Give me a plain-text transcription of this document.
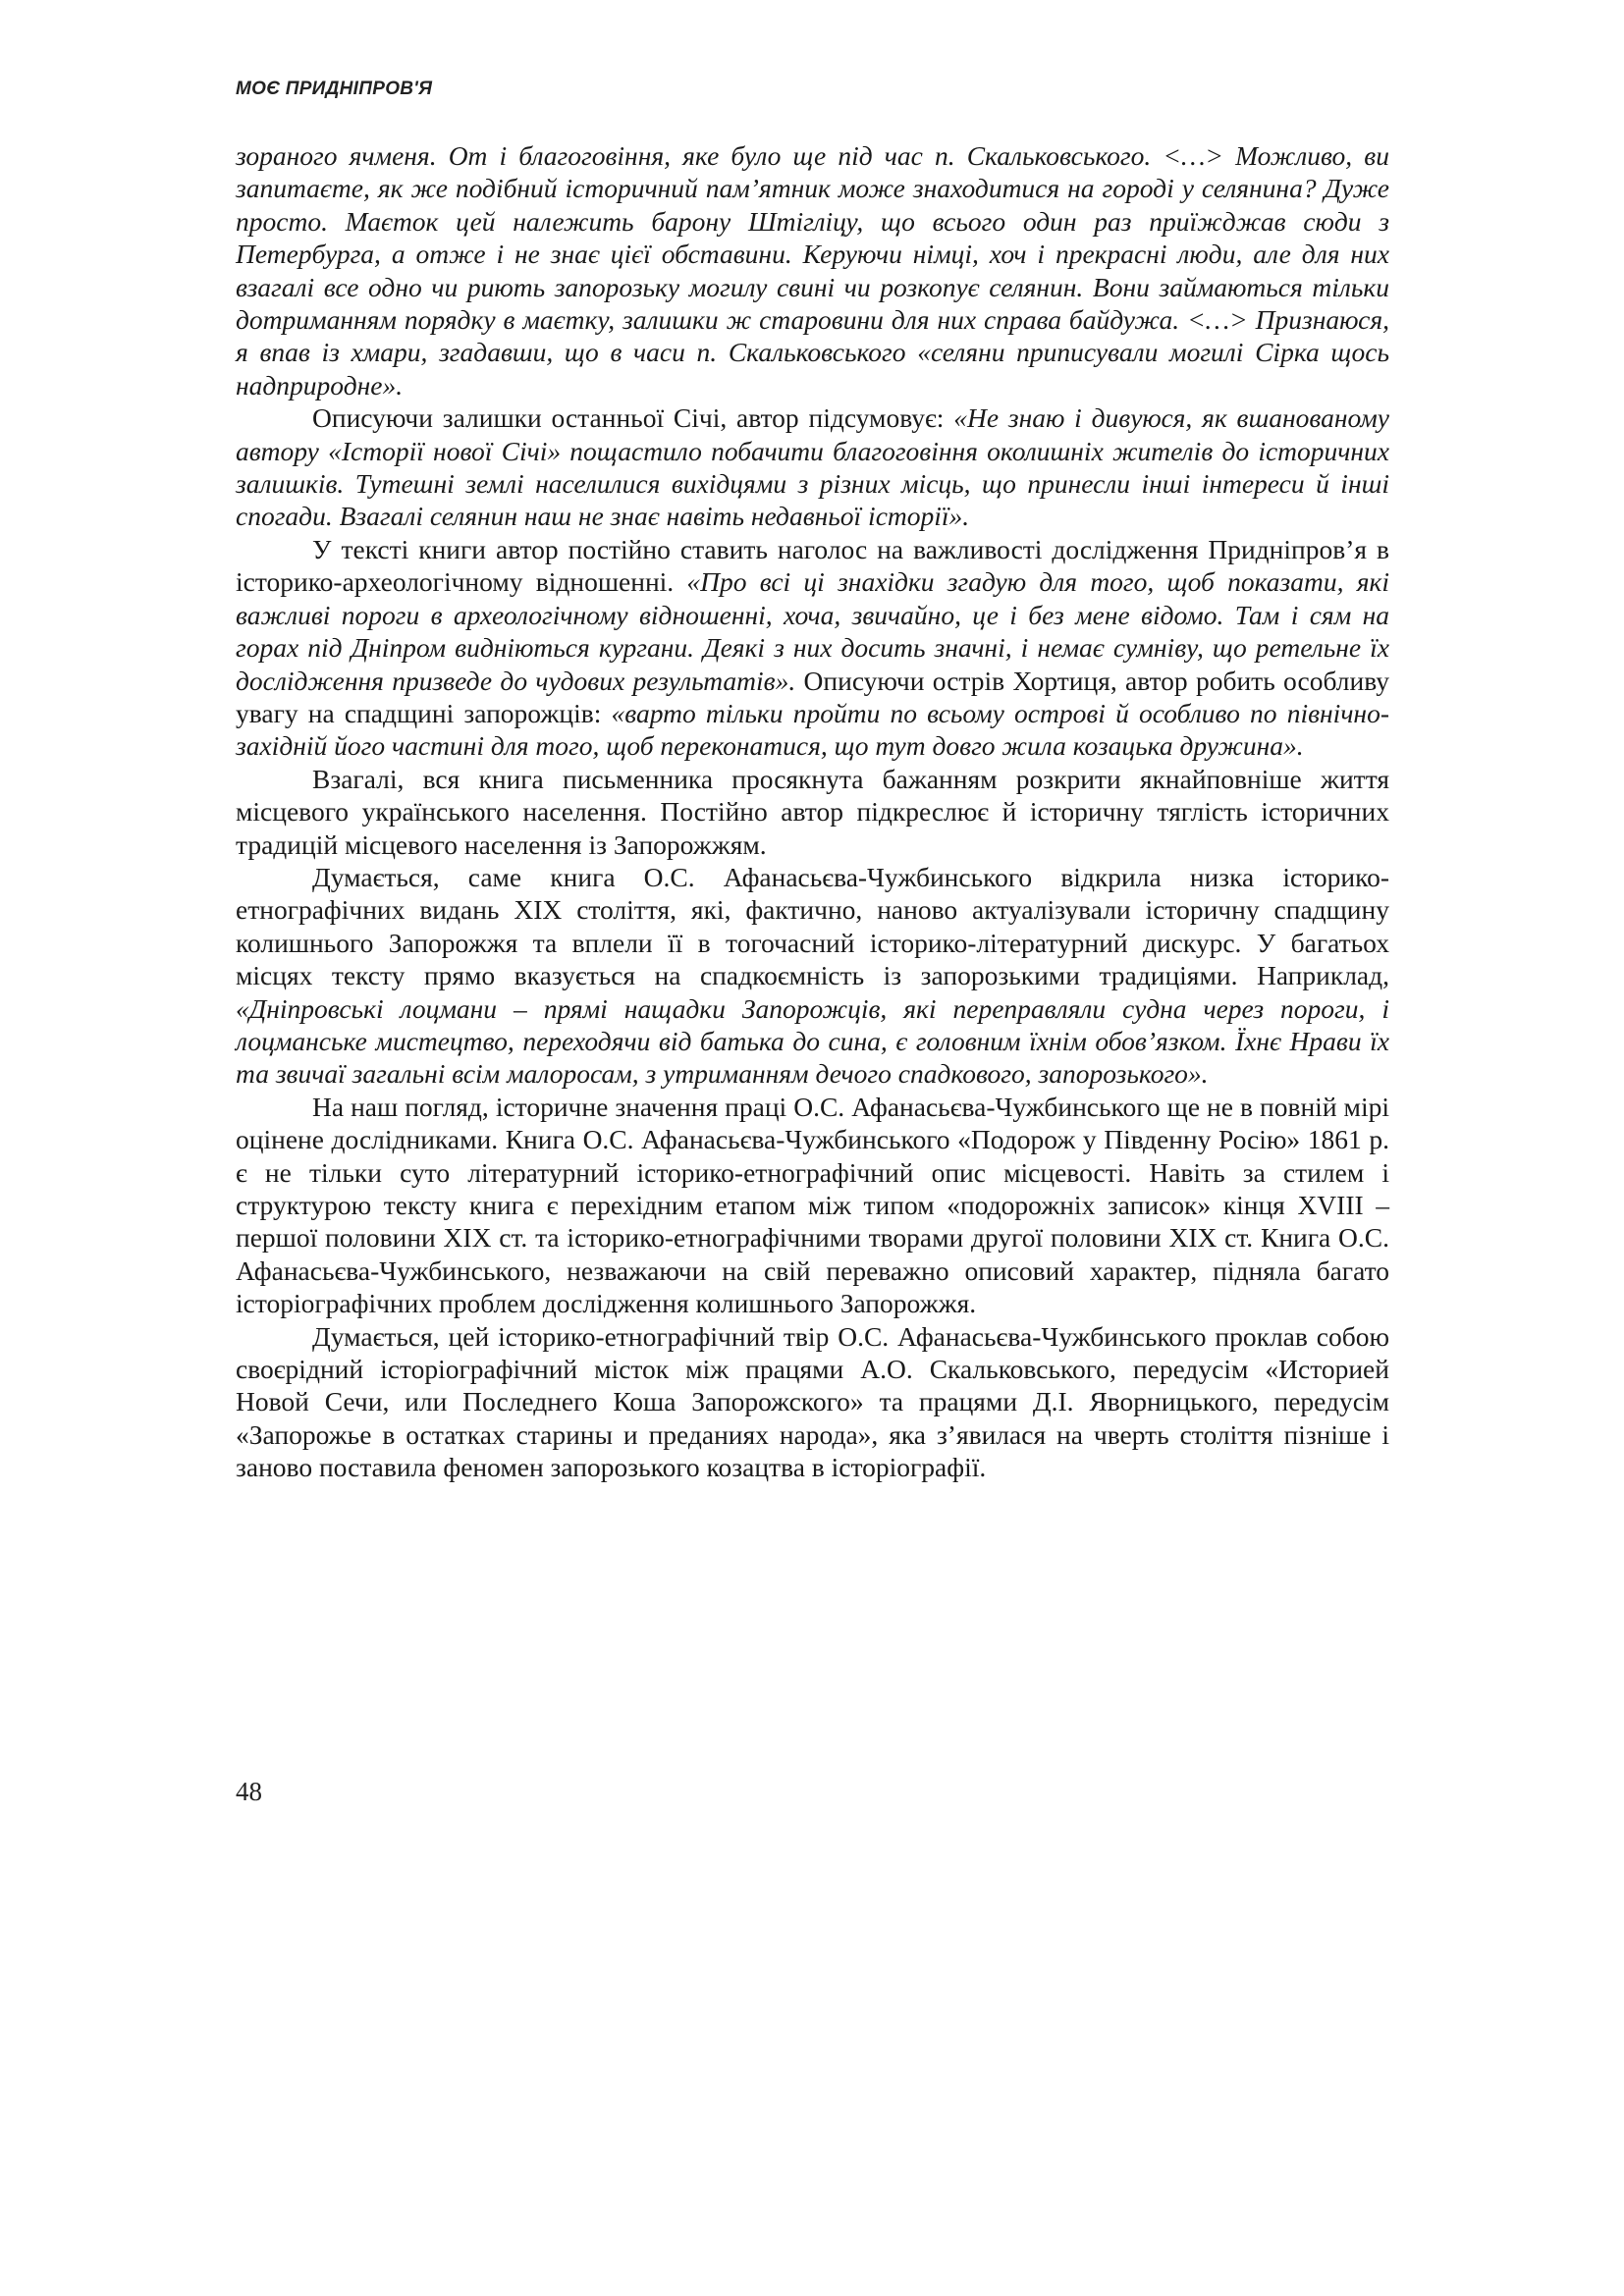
МОЄ ПРИДНІПРОВ'Я

зораного ячменя. От і благоговіння, яке було ще під час п. Скальковського. <…> Можливо, ви запитаєте, як же подібний історичний пам’ятник може знаходитися на городі у селянина? Дуже просто. Маєток цей належить барону Штігліцу, що всього один раз приїжджав сюди з Петербурга, а отже і не знає цієї обставини. Керуючи німці, хоч і прекрасні люди, але для них взагалі все одно чи риють запорозьку могилу свині чи розкопує селянин. Вони займаються тільки дотриманням порядку в маєтку, залишки ж старовини для них справа байдужа. <…> Признаюся, я впав із хмари, згадавши, що в часи п. Скальковського «селяни приписували могилі Сірка щось надприродне».

Описуючи залишки останньої Січі, автор підсумовує: «Не знаю і дивуюся, як вшанованому автору «Історії нової Січі» пощастило побачити благоговіння околишніх жителів до історичних залишків. Тутешні землі населилися вихідцями з різних місць, що принесли інші інтереси й інші спогади. Взагалі селянин наш не знає навіть недавньої історії».

У тексті книги автор постійно ставить наголос на важливості дослідження Придніпров’я в історико-археологічному відношенні. «Про всі ці знахідки згадую для того, щоб показати, які важливі пороги в археологічному відношенні, хоча, звичайно, це і без мене відомо. Там і сям на горах під Дніпром видніються кургани. Деякі з них досить значні, і немає сумніву, що ретельне їх дослідження призведе до чудових результатів». Описуючи острів Хортиця, автор робить особливу увагу на спадщині запорожців: «варто тільки пройти по всьому острові й особливо по північно-західній його частині для того, щоб переконатися, що тут довго жила козацька дружина».

Взагалі, вся книга письменника просякнута бажанням розкрити якнайповніше життя місцевого українського населення. Постійно автор підкреслює й історичну тяглість історичних традицій місцевого населення із Запорожжям.

Думається, саме книга О.С. Афанасьєва-Чужбинського відкрила низка історико-етнографічних видань ХІХ століття, які, фактично, наново актуалізували історичну спадщину колишнього Запорожжя та вплели її в тогочасний історико-літературний дискурс. У багатьох місцях тексту прямо вказується на спадкоємність із запорозькими традиціями. Наприклад, «Дніпровські лоцмани – прямі нащадки Запорожців, які переправляли судна через пороги, і лоцманське мистецтво, переходячи від батька до сина, є головним їхнім обов’язком. Їхнє Нрави їх та звичаї загальні всім малоросам, з утриманням дечого спадкового, запорозького».

На наш погляд, історичне значення праці О.С. Афанасьєва-Чужбинського ще не в повній мірі оцінене дослідниками. Книга О.С. Афанасьєва-Чужбинського «Подорож у Південну Росію» 1861 р. є не тільки суто літературний історико-етнографічний опис місцевості. Навіть за стилем і структурою тексту книга є перехідним етапом між типом «подорожніх записок» кінця XVIII – першої половини ХІХ ст. та історико-етнографічними творами другої половини ХІХ ст. Книга О.С. Афанасьєва-Чужбинського, незважаючи на свій переважно описовий характер, підняла багато історіографічних проблем дослідження колишнього Запорожжя.

Думається, цей історико-етнографічний твір О.С. Афанасьєва-Чужбинського проклав собою своєрідний історіографічний місток між працями А.О. Скальковського, передусім «Историей Новой Сечи, или Последнего Коша Запорожского» та працями Д.І. Яворницького, передусім «Запорожье в остатках старины и преданиях народа», яка з’явилася на чверть століття пізніше і заново поставила феномен запорозького козацтва в історіографії.

48
